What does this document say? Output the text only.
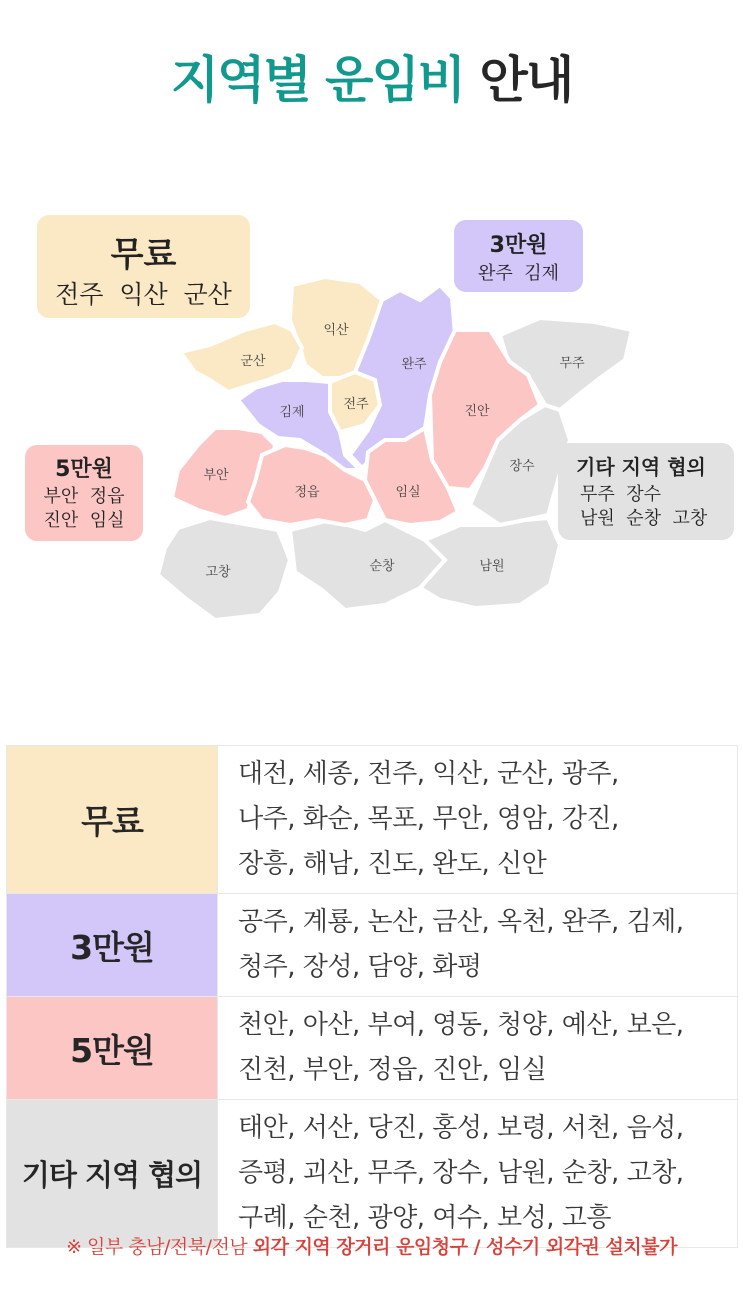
지역별 운임비 안내
익산
군산	완주	무주
김제
전주	진안
장수
부안
정읍	임실
고창	순창	남원
무료
전주  익산  군산
3만원
완주  김제
5만원
부안  정읍
진안  임실
기타 지역 협의
무주  장수
남원  순창  고창
무료	대전, 세종, 전주, 익산, 군산, 광주,
나주, 화순, 목포, 무안, 영암, 강진,
장흥, 해남, 진도, 완도, 신안

3만원	공주, 계룡, 논산, 금산, 옥천, 완주, 김제,
청주, 장성, 담양, 화평

5만원	천안, 아산, 부여, 영동, 청양, 예산, 보은,
진천, 부안, 정읍, 진안, 임실

기타 지역 협의	태안, 서산, 당진, 홍성, 보령, 서천, 음성,
증평, 괴산, 무주, 장수, 남원, 순창, 고창,
구례, 순천, 광양, 여수, 보성, 고흥
※ 일부 충남/전북/전남 외각 지역 장거리 운임청구 / 성수기 외각권 설치불가
